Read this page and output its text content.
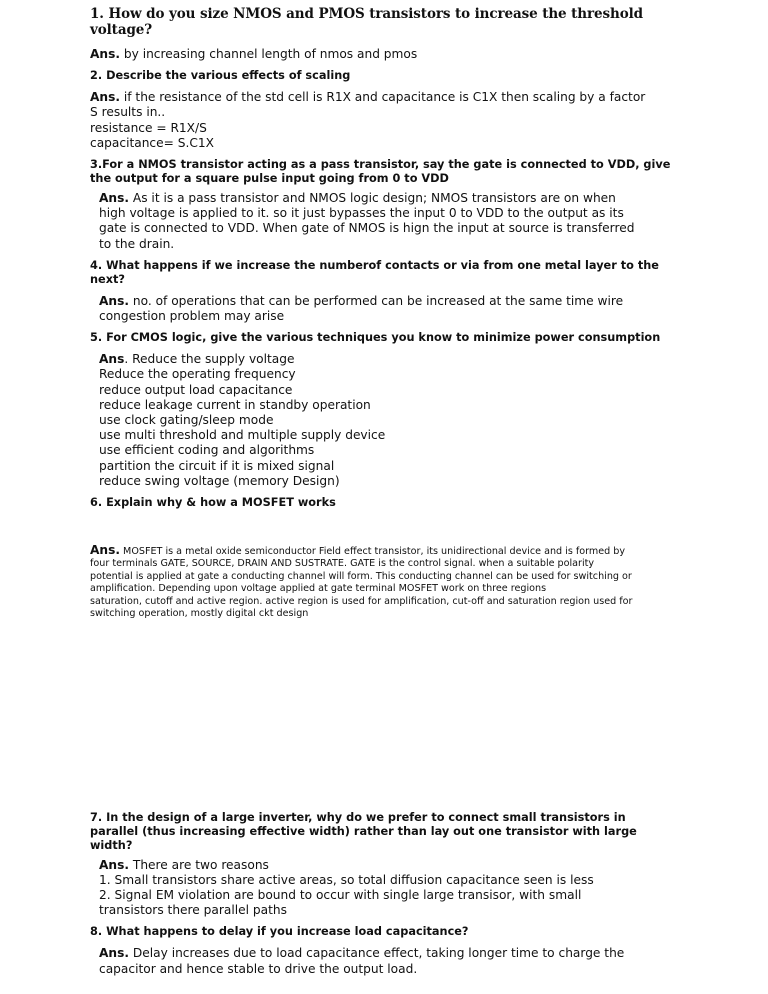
1. How do you size NMOS and PMOS transistors to increase the threshold voltage?

Ans. by increasing channel length of nmos and pmos

2. Describe the various effects of scaling

Ans. if the resistance of the std cell is R1X and capacitance is C1X then scaling by a factor
S results in..
resistance = R1X/S
capacitance= S.C1X

3.For a NMOS transistor acting as a pass transistor, say the gate is connected to VDD, give
the output for a square pulse input going from 0 to VDD

Ans. As it is a pass transistor and NMOS logic design; NMOS transistors are on when
high voltage is applied to it. so it just bypasses the input 0 to VDD to the output as its
gate is connected to VDD. When gate of NMOS is hign the input at source is transferred
to the drain.

4. What happens if we increase the numberof contacts or via from one metal layer to the
next?

Ans. no. of operations that can be performed can be increased at the same time wire
congestion problem may arise

5. For CMOS logic, give the various techniques you know to minimize power consumption

Ans. Reduce the supply voltage
Reduce the operating frequency
reduce output load capacitance
reduce leakage current in standby operation
use clock gating/sleep mode
use multi threshold and multiple supply device
use efficient coding and algorithms
partition the circuit if it is mixed signal
reduce swing voltage (memory Design)

6. Explain why & how a MOSFET works

Ans. MOSFET is a metal oxide semiconductor Field effect transistor, its unidirectional device and is formed by
four terminals GATE, SOURCE, DRAIN AND SUSTRATE. GATE is the control signal. when a suitable polarity
potential is applied at gate a conducting channel will form. This conducting channel can be used for switching or
amplification. Depending upon voltage applied at gate terminal MOSFET work on three regions
saturation, cutoff and active region. active region is used for amplification, cut-off and saturation region used for
switching operation, mostly digital ckt design

7. In the design of a large inverter, why do we prefer to connect small transistors in
parallel (thus increasing effective width) rather than lay out one transistor with large
width?

Ans. There are two reasons
1. Small transistors share active areas, so total diffusion capacitance seen is less
2. Signal EM violation are bound to occur with single large transisor, with small
transistors there parallel paths

8. What happens to delay if you increase load capacitance?

Ans. Delay increases due to load capacitance effect, taking longer time to charge the
capacitor and hence stable to drive the output load.
